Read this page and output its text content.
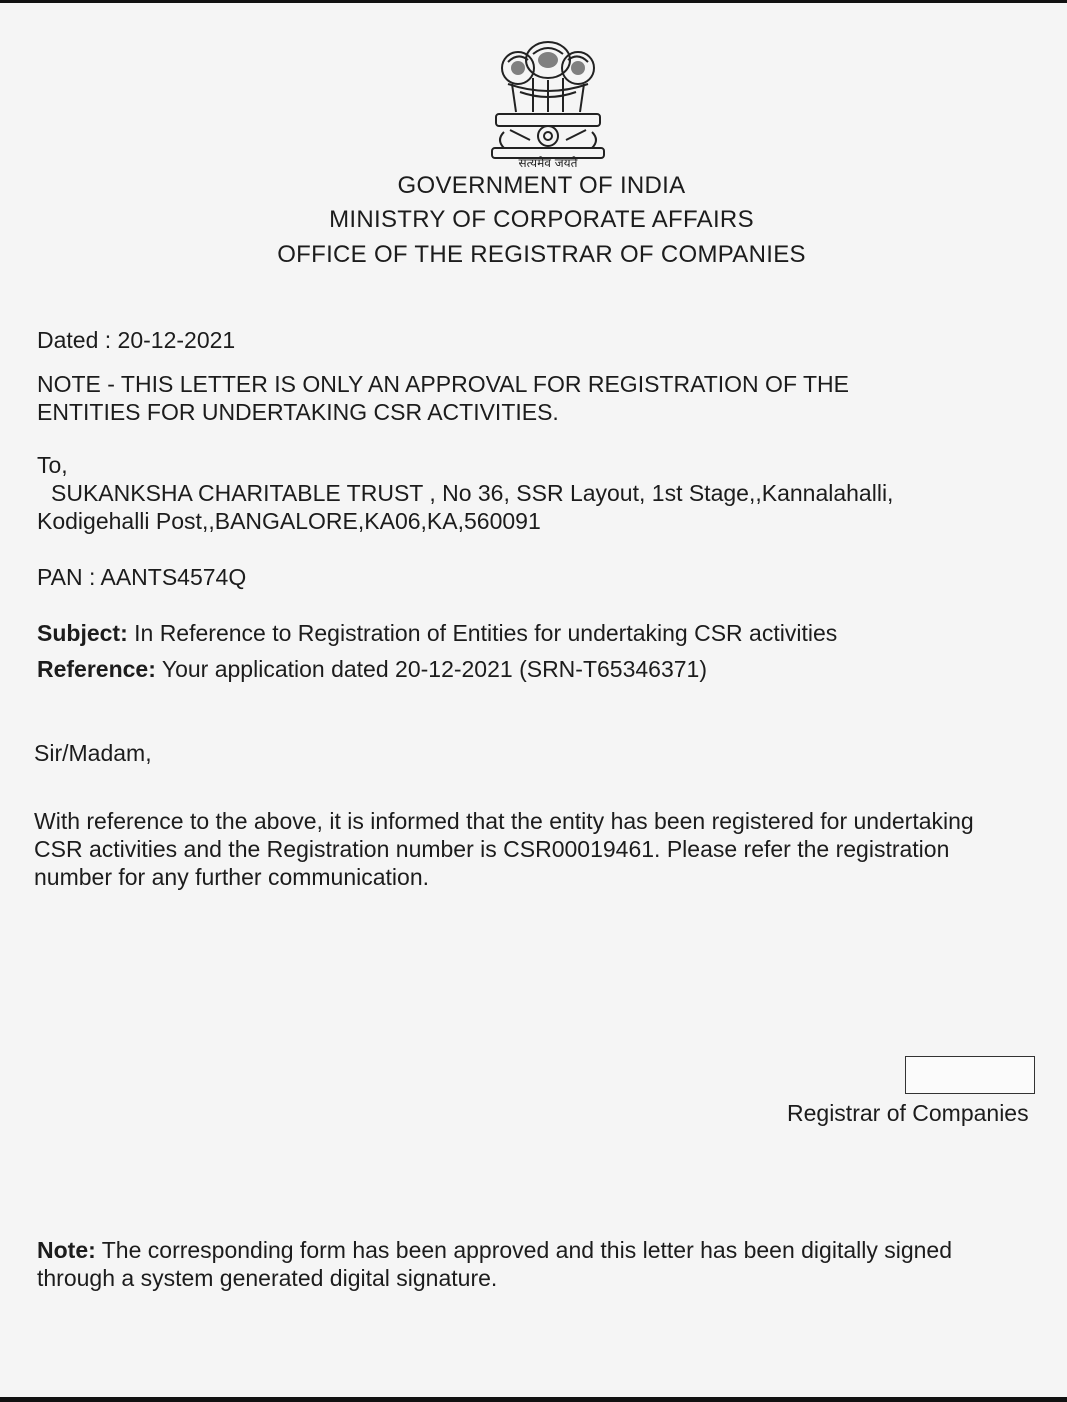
सत्यमेव जयते
GOVERNMENT OF INDIA
MINISTRY OF CORPORATE AFFAIRS
OFFICE OF THE REGISTRAR OF COMPANIES
Dated : 20-12-2021
NOTE - THIS LETTER IS ONLY AN APPROVAL FOR REGISTRATION OF THE
ENTITIES FOR UNDERTAKING CSR ACTIVITIES.
To,
SUKANKSHA CHARITABLE TRUST , No 36, SSR Layout, 1st Stage,,Kannalahalli,
Kodigehalli Post,,BANGALORE,KA06,KA,560091
PAN : AANTS4574Q
Subject: In Reference to Registration of Entities for undertaking CSR activities
Reference: Your application dated 20-12-2021 (SRN-T65346371)
Sir/Madam,
With reference to the above, it is informed that the entity has been registered for undertaking
CSR activities and the Registration number is CSR00019461. Please refer the registration
number for any further communication.
Registrar of Companies
Note: The corresponding form has been approved and this letter has been digitally signed
through a system generated digital signature.
